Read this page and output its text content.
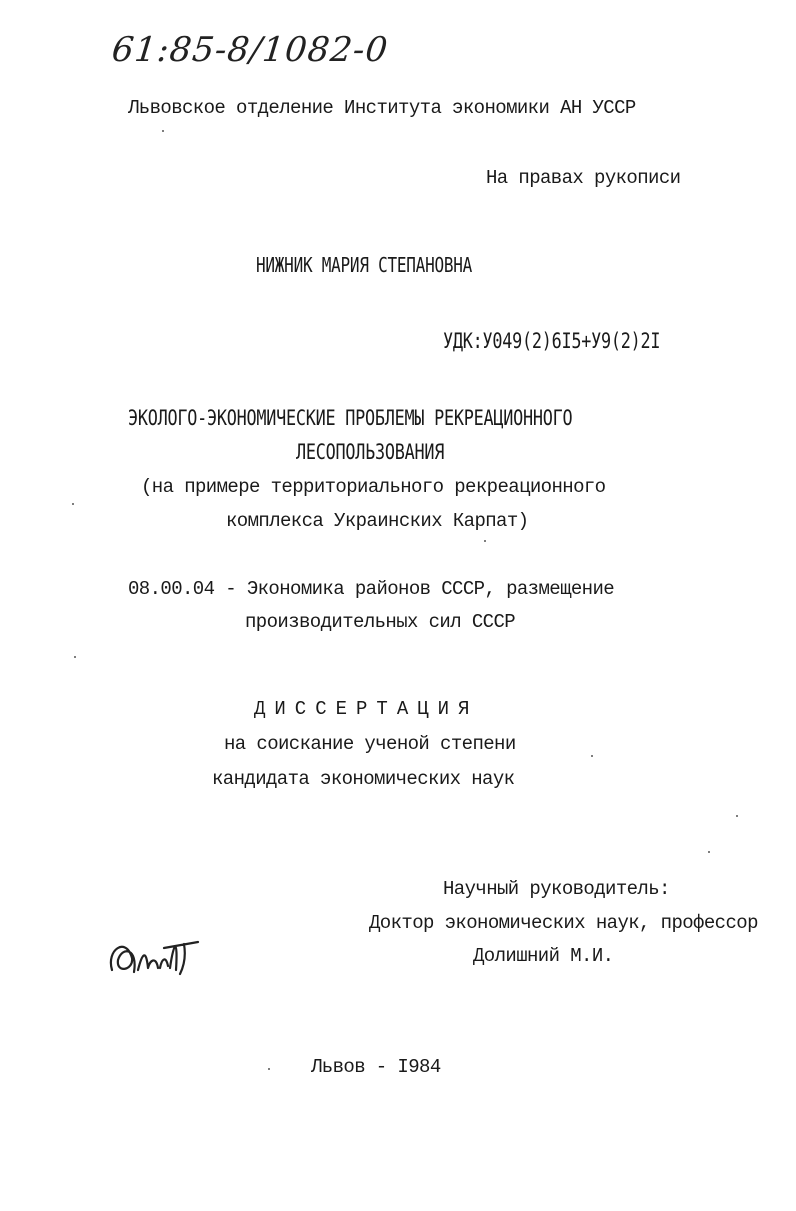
61:85-8/1082-0
Львовское отделение Института экономики АН УССР
На правах рукописи
НИЖНИК МАРИЯ СТЕПАНОВНА
УДК:У049(2)6I5+У9(2)2I
ЭКОЛОГО-ЭКОНОМИЧЕСКИЕ ПРОБЛЕМЫ РЕКРЕАЦИОННОГО
ЛЕСОПОЛЬЗОВАНИЯ
(на примере территориального рекреационного
комплекса Украинских Карпат)
08.00.04 - Экономика районов СССР, размещение
производительных сил СССР
ДИССЕРТАЦИЯ
на соискание ученой степени
кандидата экономических наук
Научный руководитель:
Доктор экономических наук, профессор
Долишний М.И.
Львов - I984
